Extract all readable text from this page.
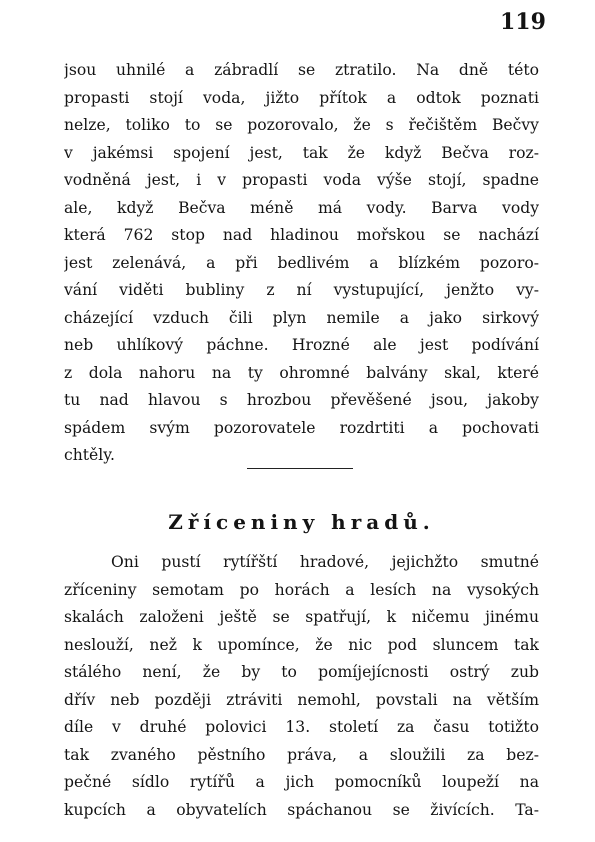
119
jsou uhnilé a zábradlí se ztratilo. Na dně této
propasti stojí voda, jižto přítok a odtok poznati
nelze, toliko to se pozorovalo, že s řečištěm Bečvy
v jakémsi spojení jest, tak že když Bečva roz-
vodněná jest, i v propasti voda výše stojí, spadne
ale, když Bečva méně má vody. Barva vody
která 762 stop nad hladinou mořskou se nachází
jest zelenává, a při bedlivém a blízkém pozoro-
vání viděti bubliny z ní vystupující, jenžto vy-
cházející vzduch čili plyn nemile a jako sirkový
neb uhlíkový páchne. Hrozné ale jest podívání
z dola nahoru na ty ohromné balvány skal, které
tu nad hlavou s hrozbou převěšené jsou, jakoby
spádem svým pozorovatele rozdrtiti a pochovati
chtěly.
Zříceniny hradů.
Oni pustí rytířští hradové, jejichžto smutné
zříceniny semotam po horách a lesích na vysokých
skalách založeni ještě se spatřují, k ničemu jinému
neslouží, než k upomínce, že nic pod sluncem tak
stálého není, že by to pomíjejícnosti ostrý zub
dřív neb později ztráviti nemohl, povstali na větším
díle v druhé polovici 13. století za času totižto
tak zvaného pěstního práva, a sloužili za bez-
pečné sídlo rytířů a jich pomocníků loupeží na
kupcích a obyvatelích spáchanou se živících. Ta-
